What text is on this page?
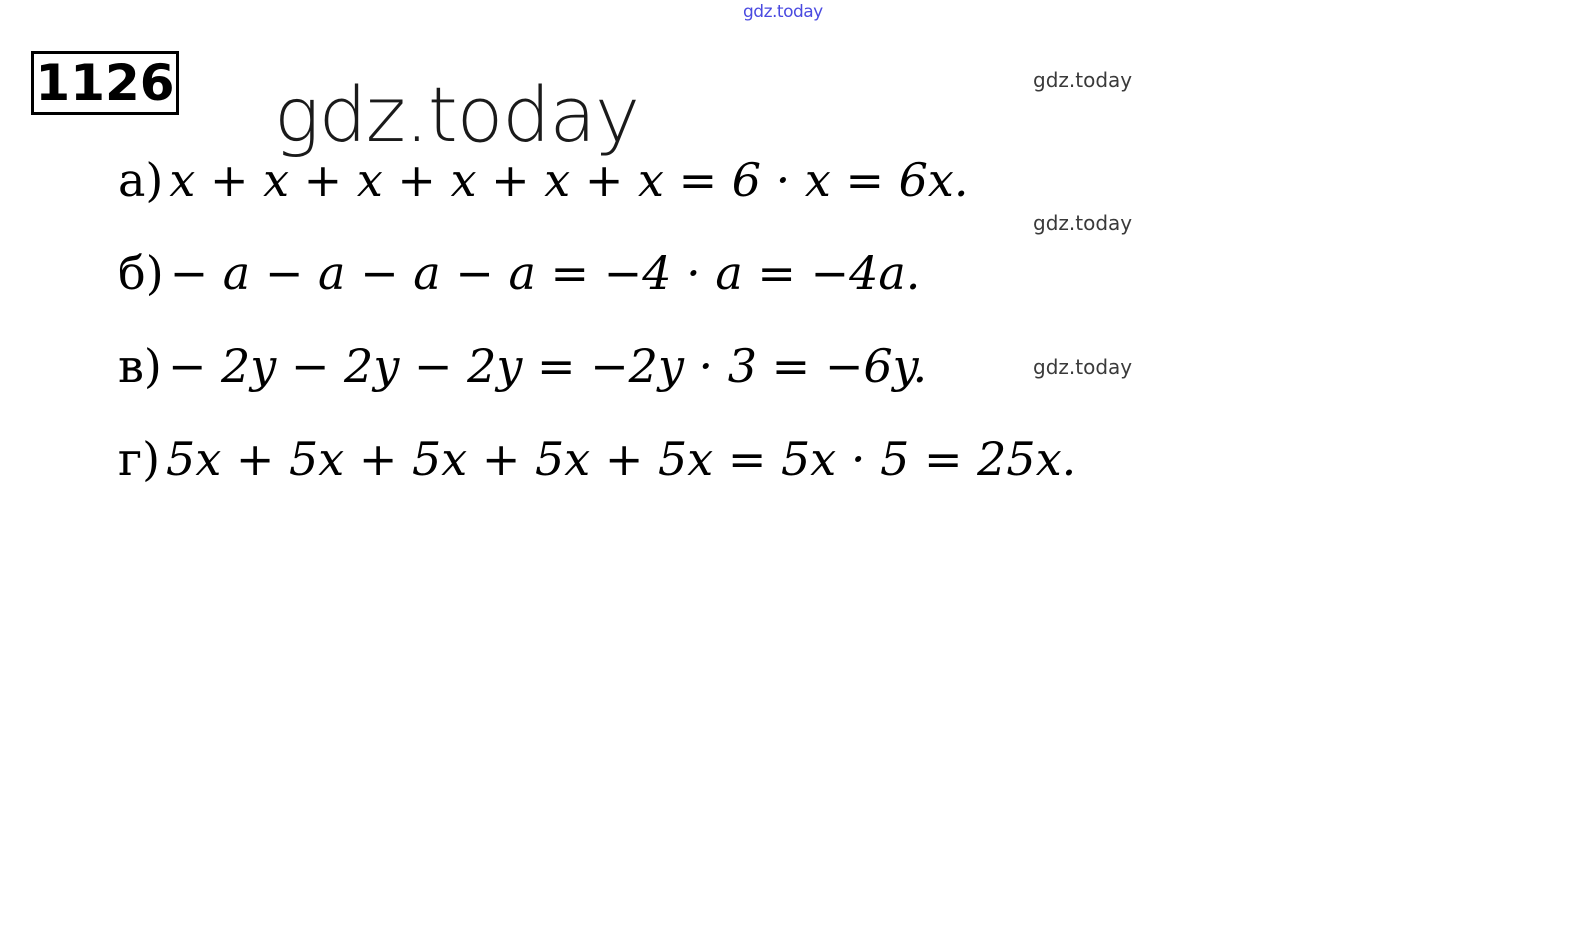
gdz.today
1126 gdz.today	gdz.today
gdz.today
gdz.today
а) x + x + x + x + x + x = 6 · x = 6x.
б) − a − a − a − a = −4 · a = −4a.
в) − 2y − 2y − 2y = −2y · 3 = −6y.
г) 5x + 5x + 5x + 5x + 5x = 5x · 5 = 25x.
